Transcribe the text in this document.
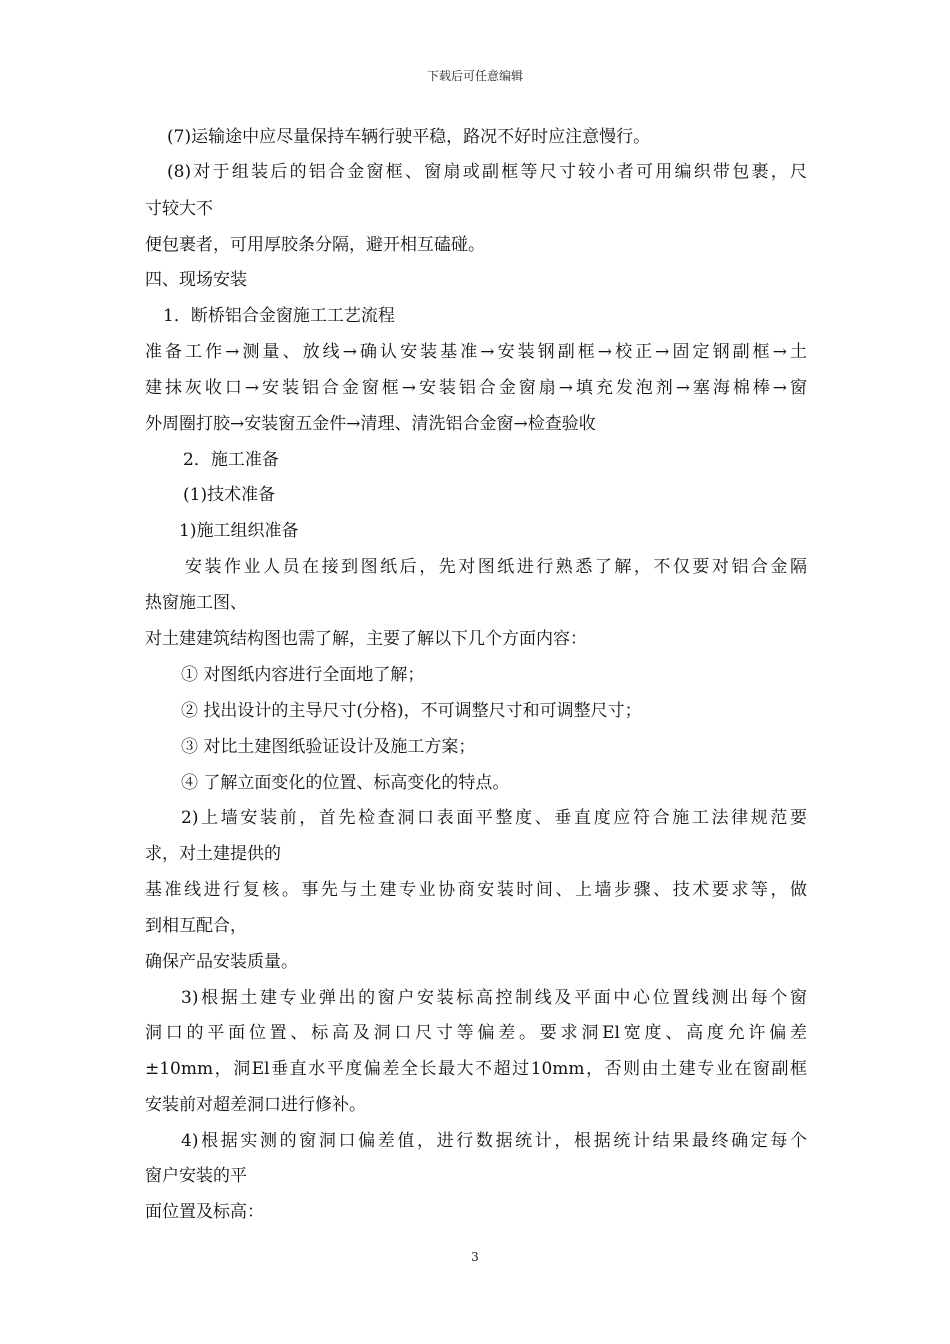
下载后可任意编辑
(7)运输途中应尽量保持车辆行驶平稳，路况不好时应注意慢行。
(8)对于组装后的铝合金窗框、窗扇或副框等尺寸较小者可用编织带包裹，尺
寸较大不
便包裹者，可用厚胶条分隔，避开相互磕碰。
四、现场安装
1．断桥铝合金窗施工工艺流程
准备工作→测量、放线→确认安装基准→安装钢副框→校正→固定钢副框→土
建抹灰收口→安装铝合金窗框→安装铝合金窗扇→填充发泡剂→塞海棉棒→窗
外周圈打胶→安装窗五金件→清理、清洗铝合金窗→检查验收
2．施工准备
(1)技术准备
1)施工组织准备
安装作业人员在接到图纸后，先对图纸进行熟悉了解，不仅要对铝合金隔
热窗施工图、
对土建建筑结构图也需了解，主要了解以下几个方面内容：
① 对图纸内容进行全面地了解；
② 找出设计的主导尺寸(分格)，不可调整尺寸和可调整尺寸；
③ 对比土建图纸验证设计及施工方案；
④ 了解立面变化的位置、标高变化的特点。
2)上墙安装前，首先检查洞口表面平整度、垂直度应符合施工法律规范要
求，对土建提供的
基准线进行复核。事先与土建专业协商安装时间、上墙步骤、技术要求等，做
到相互配合，
确保产品安装质量。
3)根据土建专业弹出的窗户安装标高控制线及平面中心位置线测出每个窗
洞口的平面位置、标高及洞口尺寸等偏差。要求洞El宽度、高度允许偏差
±10mm，洞El垂直水平度偏差全长最大不超过10mm，否则由土建专业在窗副框
安装前对超差洞口进行修补。
4)根据实测的窗洞口偏差值，进行数据统计，根据统计结果最终确定每个
窗户安装的平
面位置及标高：
3
